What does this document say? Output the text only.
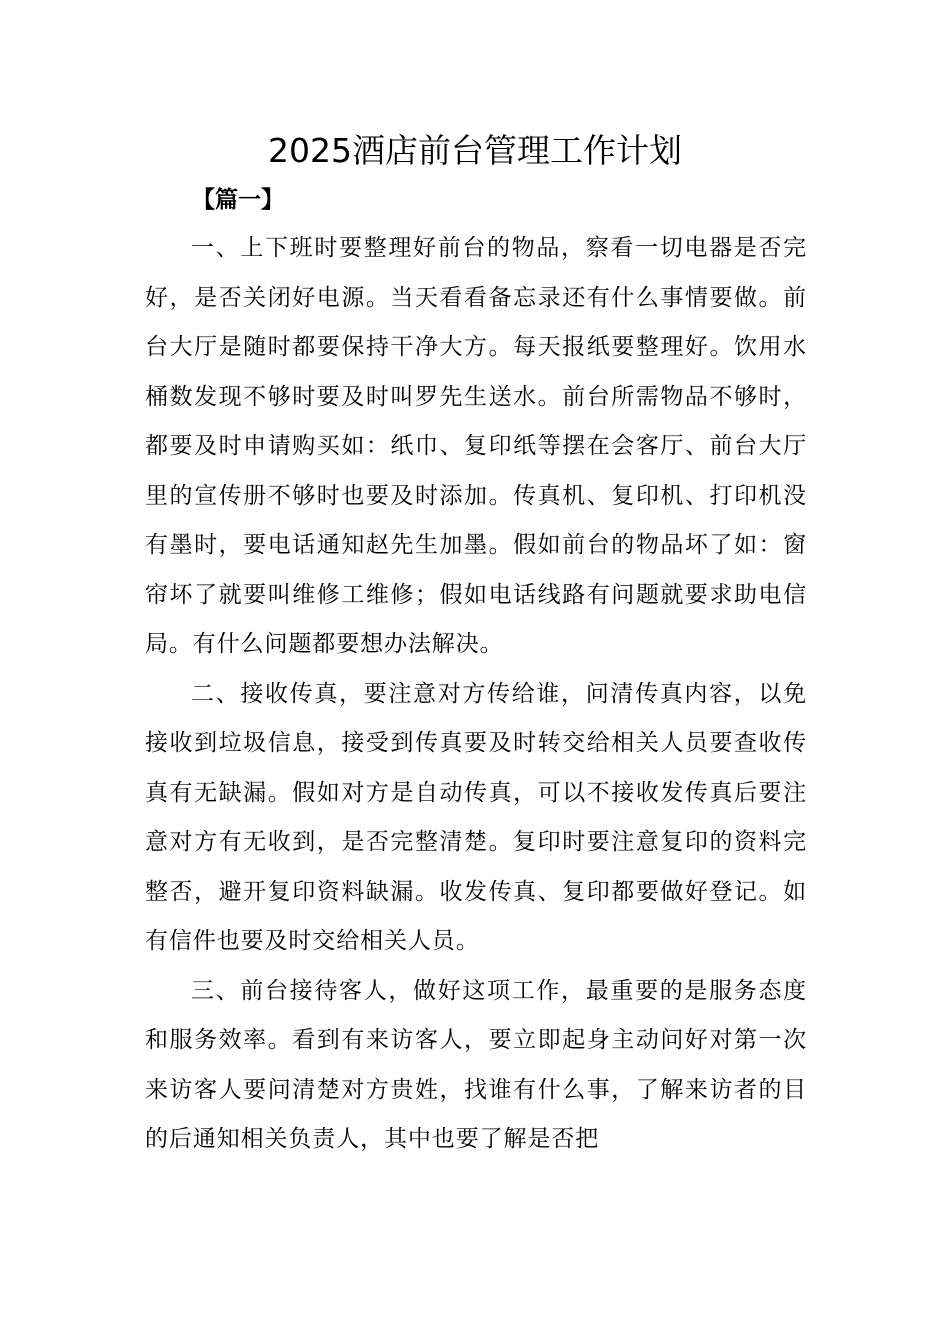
2025酒店前台管理工作计划
【篇一】

一、上下班时要整理好前台的物品，察看一切电器是否完好，是否关闭好电源。当天看看备忘录还有什么事情要做。前台大厅是随时都要保持干净大方。每天报纸要整理好。饮用水桶数发现不够时要及时叫罗先生送水。前台所需物品不够时，都要及时申请购买如：纸巾、复印纸等摆在会客厅、前台大厅里的宣传册不够时也要及时添加。传真机、复印机、打印机没有墨时，要电话通知赵先生加墨。假如前台的物品坏了如：窗帘坏了就要叫维修工维修；假如电话线路有问题就要求助电信局。有什么问题都要想办法解决。

二、接收传真，要注意对方传给谁，问清传真内容，以免接收到垃圾信息，接受到传真要及时转交给相关人员要查收传真有无缺漏。假如对方是自动传真，可以不接收发传真后要注意对方有无收到，是否完整清楚。复印时要注意复印的资料完整否，避开复印资料缺漏。收发传真、复印都要做好登记。如有信件也要及时交给相关人员。

三、前台接待客人，做好这项工作，最重要的是服务态度和服务效率。看到有来访客人，要立即起身主动问好对第一次来访客人要问清楚对方贵姓，找谁有什么事，了解来访者的目的后通知相关负责人，其中也要了解是否把
